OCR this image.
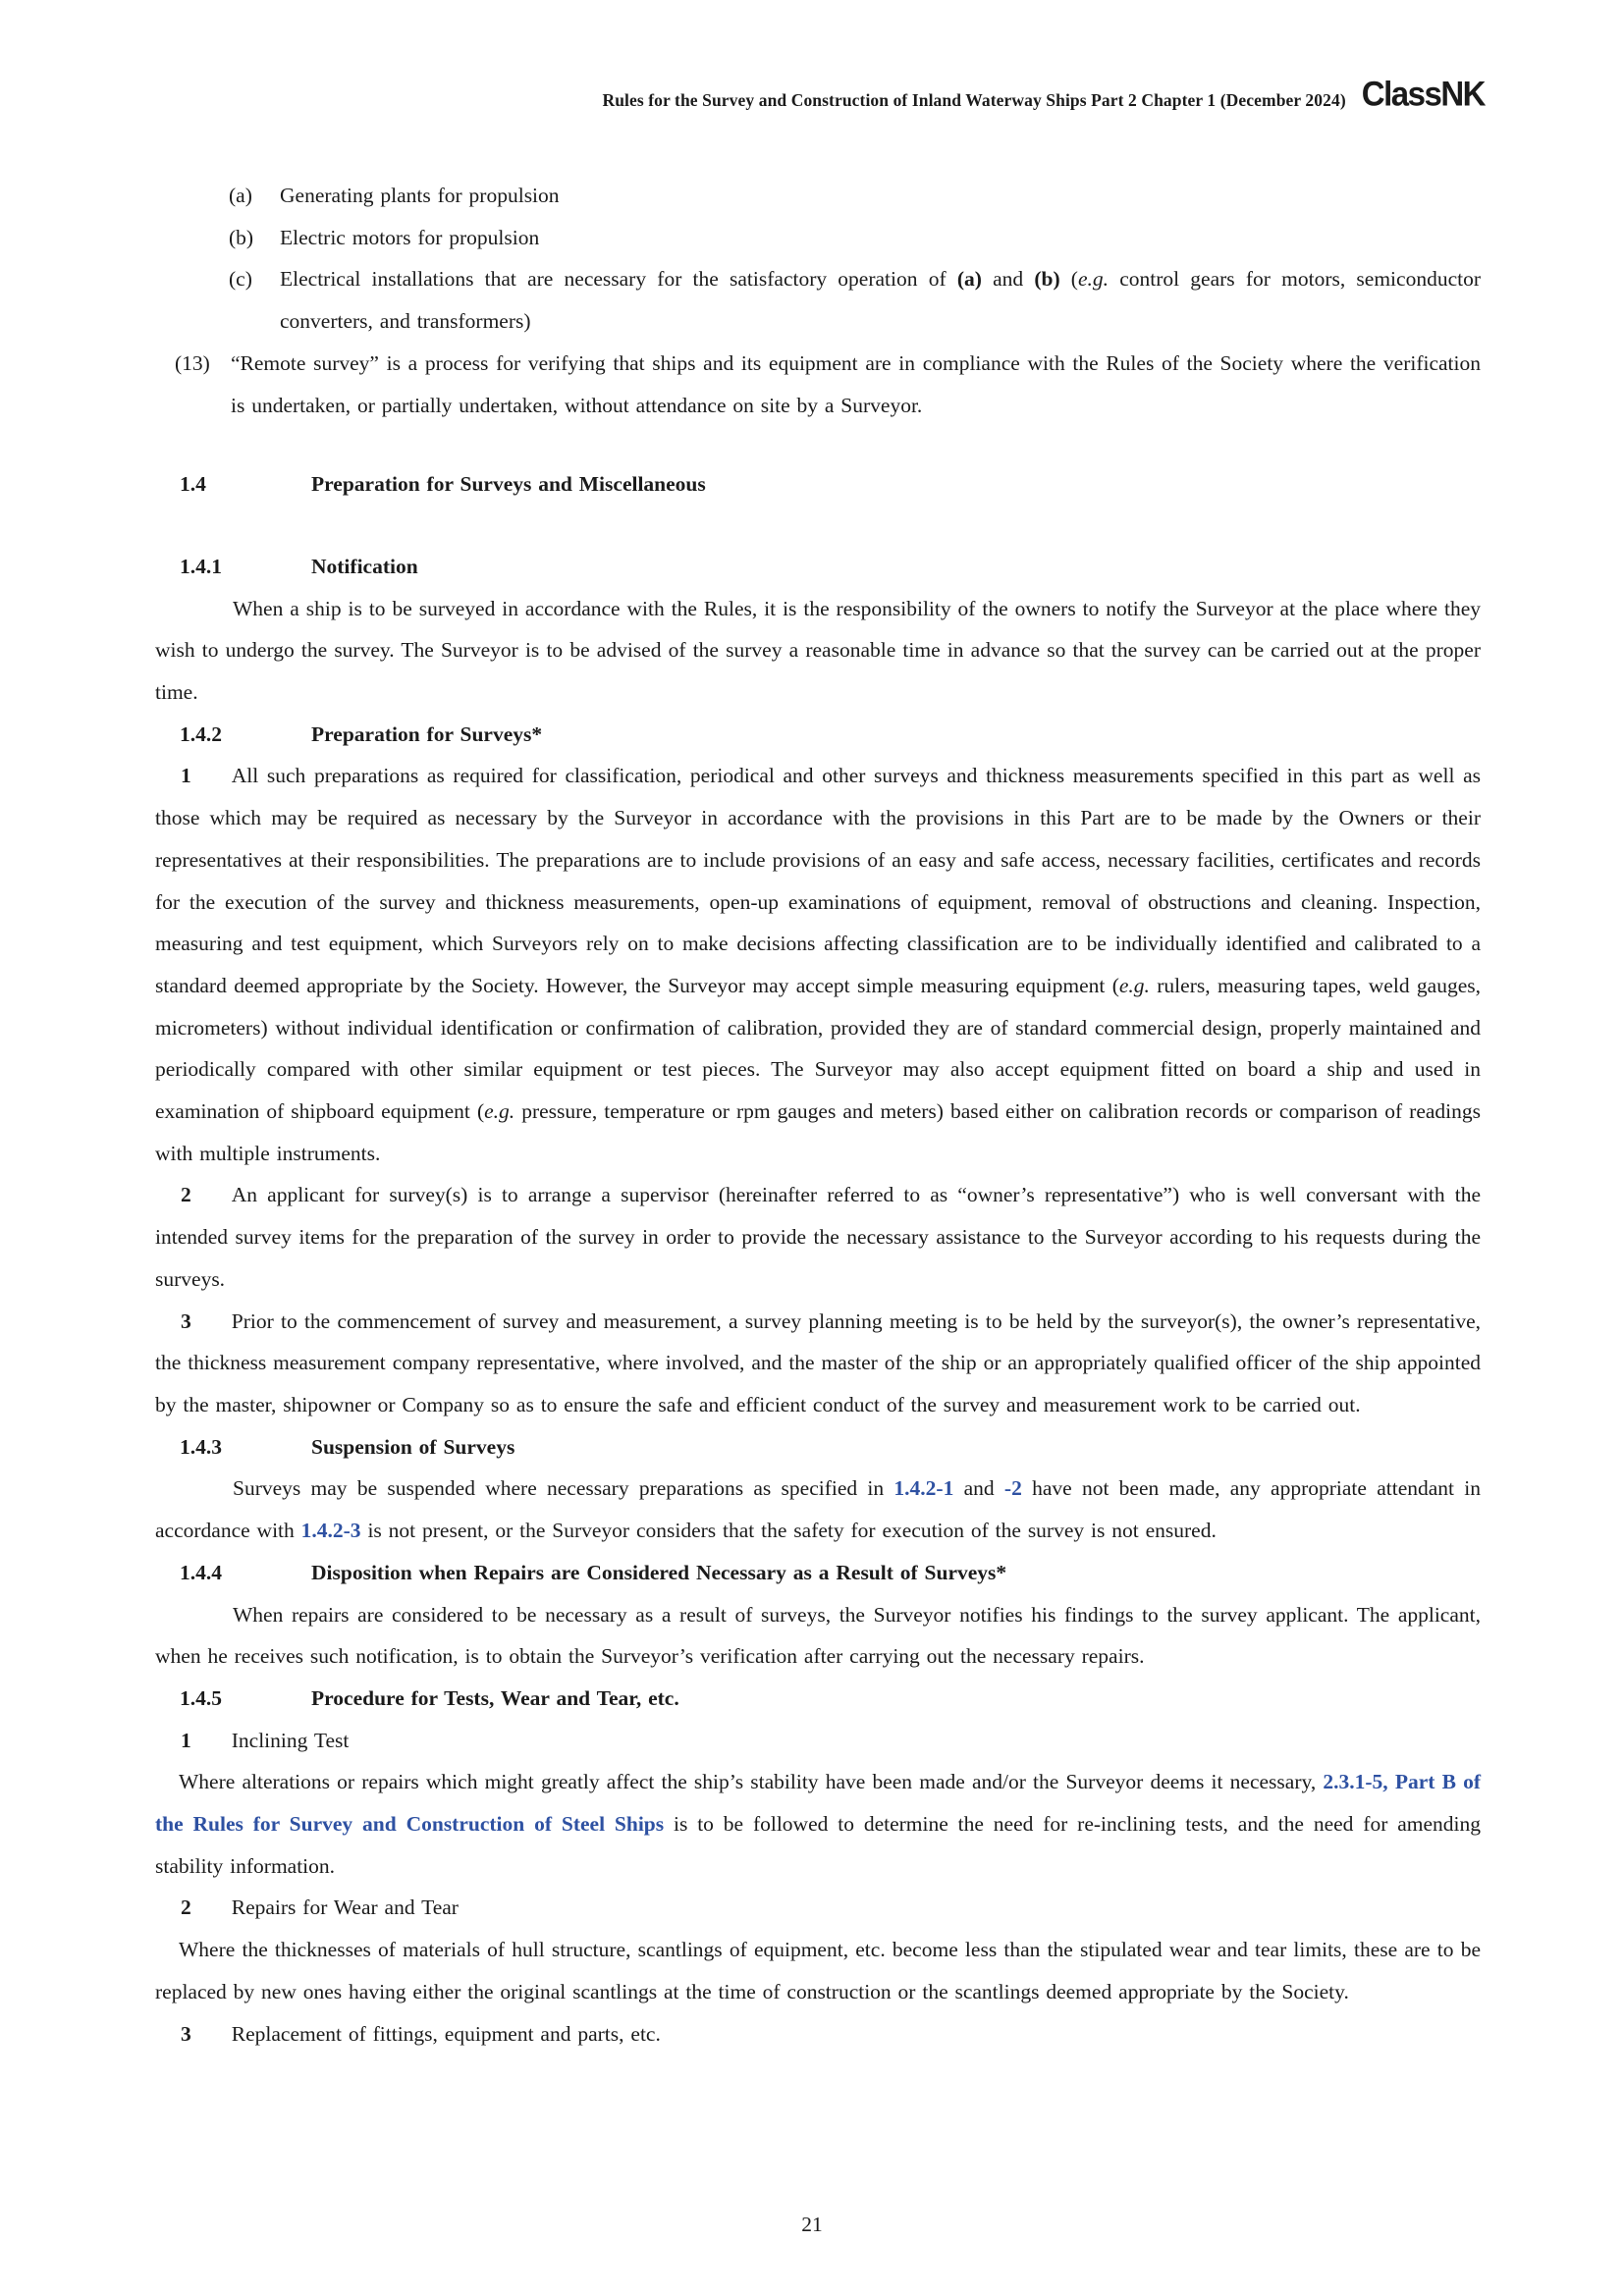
Rules for the Survey and Construction of Inland Waterway Ships Part 2 Chapter 1 (December 2024) ClassNK
(a) Generating plants for propulsion
(b) Electric motors for propulsion
(c) Electrical installations that are necessary for the satisfactory operation of (a) and (b) (e.g. control gears for motors, semiconductor converters, and transformers)
(13) “Remote survey” is a process for verifying that ships and its equipment are in compliance with the Rules of the Society where the verification is undertaken, or partially undertaken, without attendance on site by a Surveyor.
1.4	Preparation for Surveys and Miscellaneous
1.4.1	Notification

When a ship is to be surveyed in accordance with the Rules, it is the responsibility of the owners to notify the Surveyor at the place where they wish to undergo the survey. The Surveyor is to be advised of the survey a reasonable time in advance so that the survey can be carried out at the proper time.

1.4.2	Preparation for Surveys*

1 All such preparations as required for classification, periodical and other surveys and thickness measurements specified in this part as well as those which may be required as necessary by the Surveyor in accordance with the provisions in this Part are to be made by the Owners or their representatives at their responsibilities. The preparations are to include provisions of an easy and safe access, necessary facilities, certificates and records for the execution of the survey and thickness measurements, open-up examinations of equipment, removal of obstructions and cleaning. Inspection, measuring and test equipment, which Surveyors rely on to make decisions affecting classification are to be individually identified and calibrated to a standard deemed appropriate by the Society. However, the Surveyor may accept simple measuring equipment (e.g. rulers, measuring tapes, weld gauges, micrometers) without individual identification or confirmation of calibration, provided they are of standard commercial design, properly maintained and periodically compared with other similar equipment or test pieces. The Surveyor may also accept equipment fitted on board a ship and used in examination of shipboard equipment (e.g. pressure, temperature or rpm gauges and meters) based either on calibration records or comparison of readings with multiple instruments.

2 An applicant for survey(s) is to arrange a supervisor (hereinafter referred to as “owner’s representative”) who is well conversant with the intended survey items for the preparation of the survey in order to provide the necessary assistance to the Surveyor according to his requests during the surveys.

3 Prior to the commencement of survey and measurement, a survey planning meeting is to be held by the surveyor(s), the owner’s representative, the thickness measurement company representative, where involved, and the master of the ship or an appropriately qualified officer of the ship appointed by the master, shipowner or Company so as to ensure the safe and efficient conduct of the survey and measurement work to be carried out.

1.4.3	Suspension of Surveys

Surveys may be suspended where necessary preparations as specified in 1.4.2-1 and -2 have not been made, any appropriate attendant in accordance with 1.4.2-3 is not present, or the Surveyor considers that the safety for execution of the survey is not ensured.

1.4.4	Disposition when Repairs are Considered Necessary as a Result of Surveys*

When repairs are considered to be necessary as a result of surveys, the Surveyor notifies his findings to the survey applicant. The applicant, when he receives such notification, is to obtain the Surveyor’s verification after carrying out the necessary repairs.

1.4.5	Procedure for Tests, Wear and Tear, etc.
1 Inclining Test

Where alterations or repairs which might greatly affect the ship’s stability have been made and/or the Surveyor deems it necessary, 2.3.1-5, Part B of the Rules for Survey and Construction of Steel Ships is to be followed to determine the need for re-inclining tests, and the need for amending stability information.

2 Repairs for Wear and Tear

Where the thicknesses of materials of hull structure, scantlings of equipment, etc. become less than the stipulated wear and tear limits, these are to be replaced by new ones having either the original scantlings at the time of construction or the scantlings deemed appropriate by the Society.

3 Replacement of fittings, equipment and parts, etc.
21
